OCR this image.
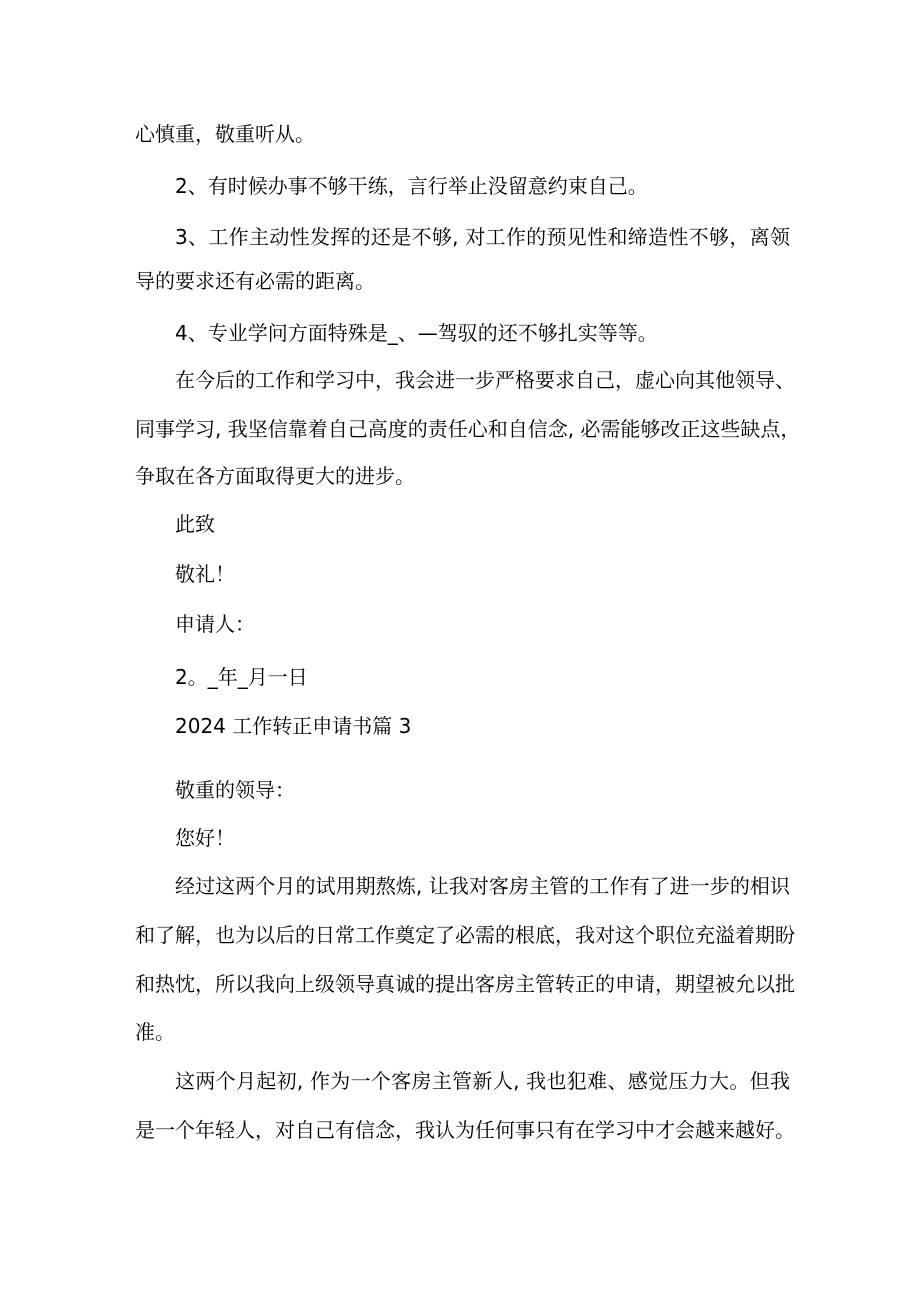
心慎重，敬重听从。
2、有时候办事不够干练，言行举止没留意约束自己。
3、工作主动性发挥的还是不够, 对工作的预见性和缔造性不够，离领
导的要求还有必需的距离。
4、专业学问方面特殊是_、—驾驭的还不够扎实等等。
在今后的工作和学习中，我会进一步严格要求自己，虚心向其他领导、
同事学习, 我坚信靠着自己高度的责任心和自信念, 必需能够改正这些缺点，
争取在各方面取得更大的进步。
此致
敬礼！
申请人：
2。_年_月一日
2024 工作转正申请书篇 3
敬重的领导：
您好！
经过这两个月的试用期熬炼, 让我对客房主管的工作有了进一步的相识
和了解，也为以后的日常工作奠定了必需的根底，我对这个职位充溢着期盼
和热忱，所以我向上级领导真诚的提出客房主管转正的申请，期望被允以批
准。
这两个月起初, 作为一个客房主管新人, 我也犯难、感觉压力大。但我
是一个年轻人，对自己有信念，我认为任何事只有在学习中才会越来越好。
